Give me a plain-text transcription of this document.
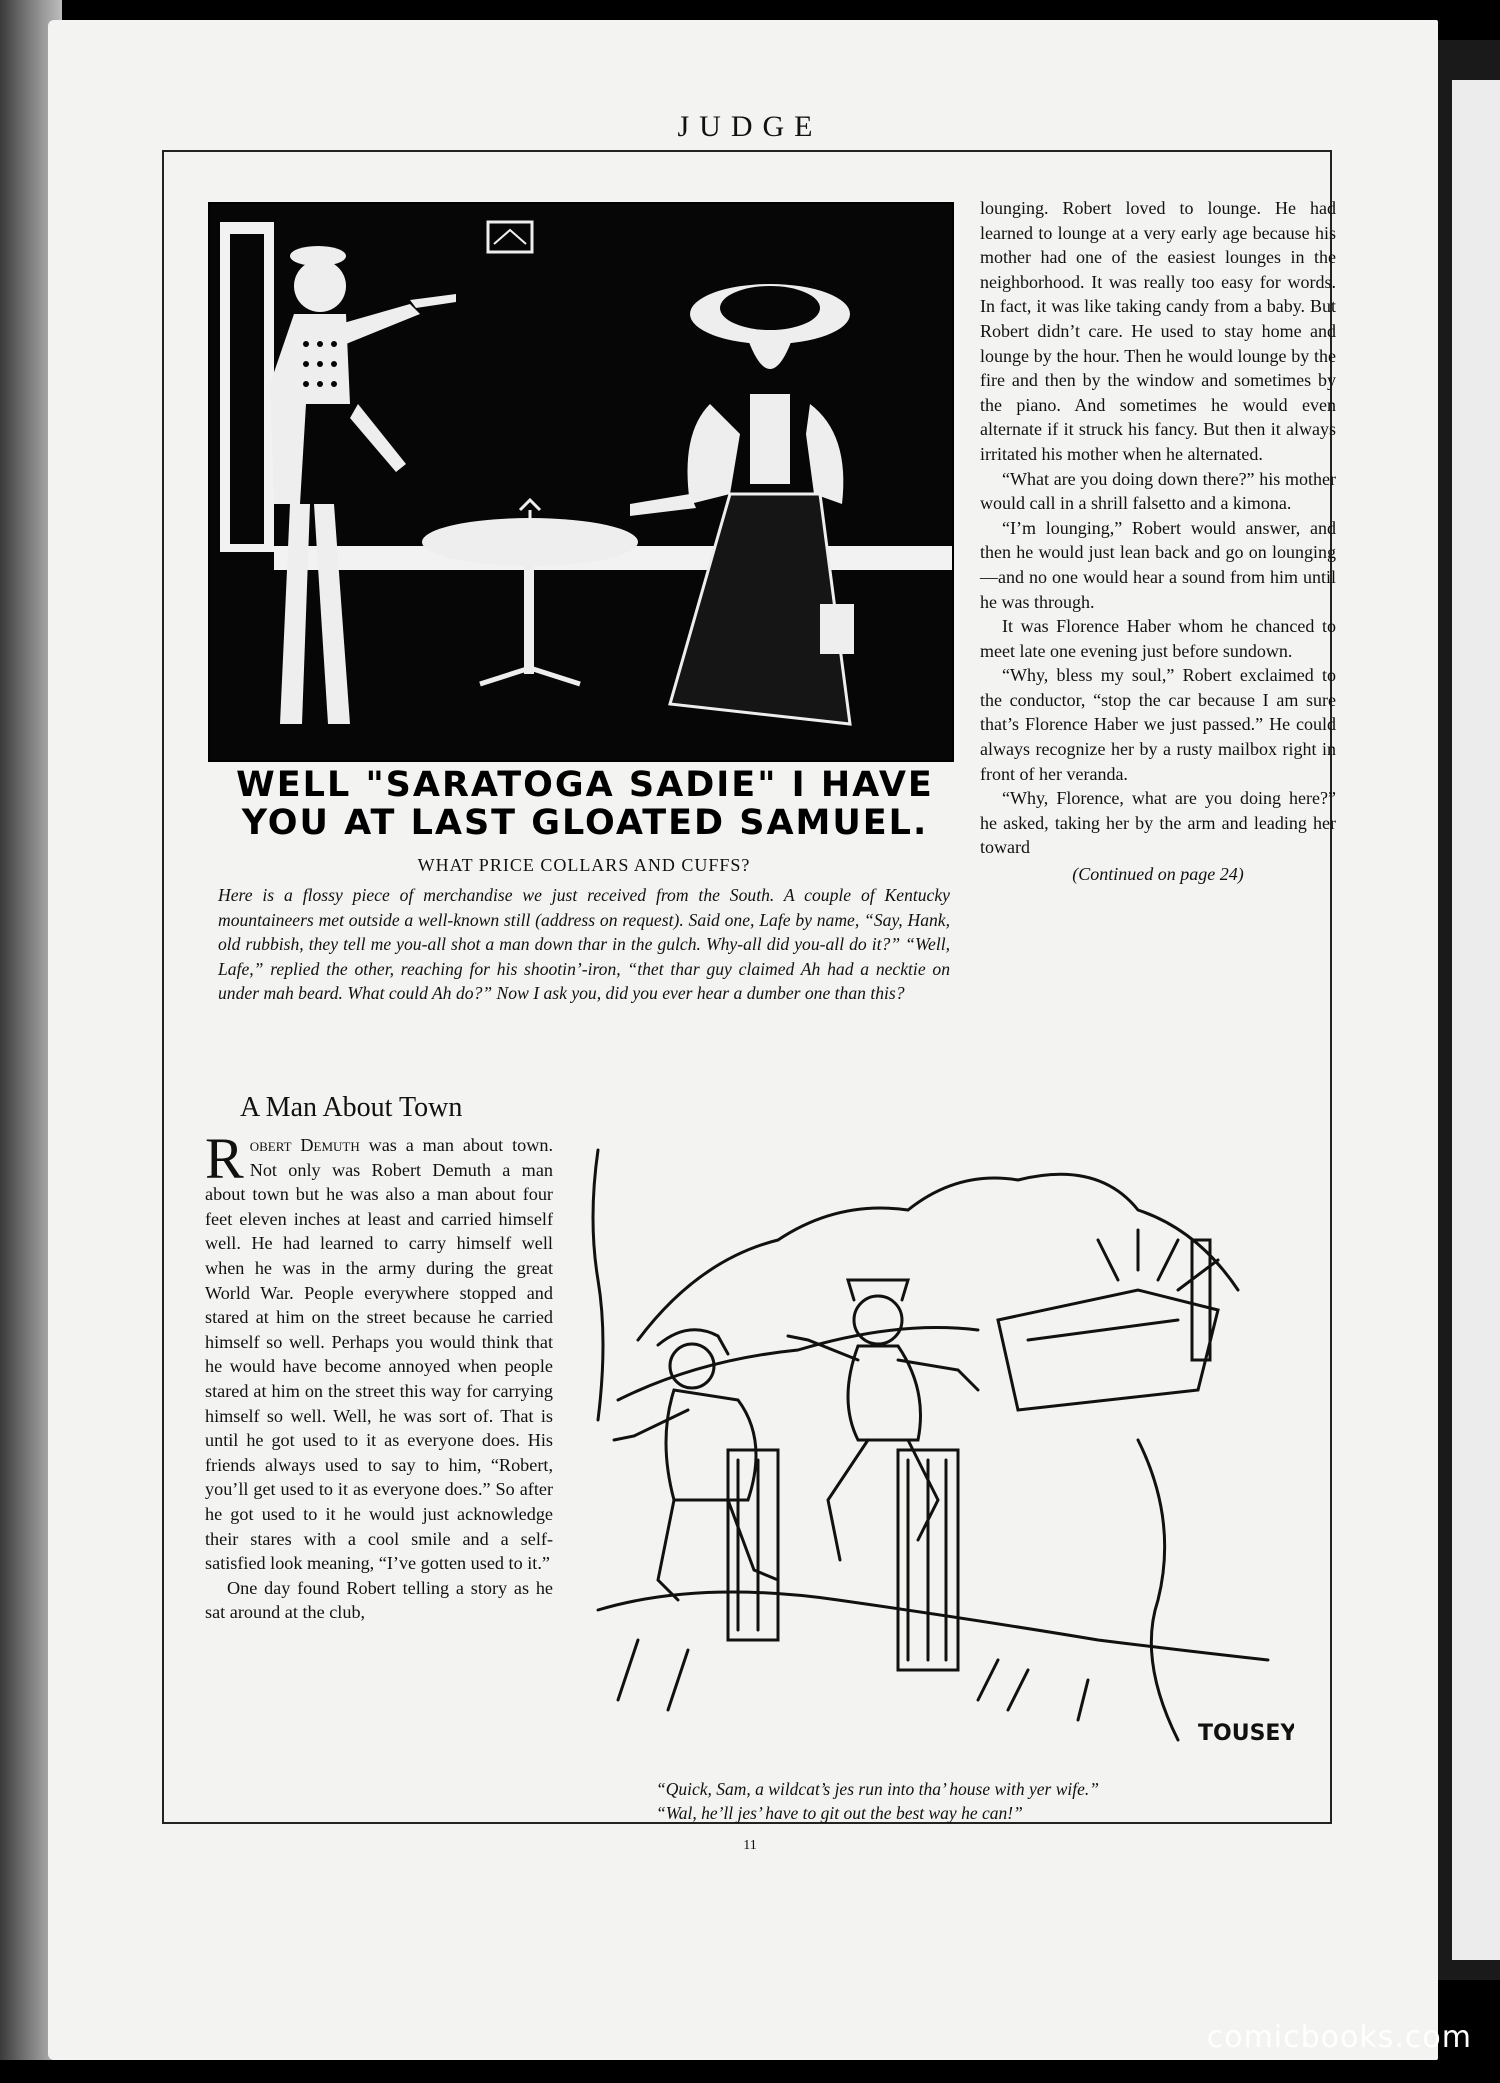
JUDGE
WELL "SARATOGA SADIE" I HAVE
YOU AT LAST GLOATED SAMUEL.
WHAT PRICE COLLARS AND CUFFS?
Here is a flossy piece of merchandise we just received from the South. A couple of Kentucky mountaineers met outside a well-known still (address on request). Said one, Lafe by name, “Say, Hank, old rubbish, they tell me you-all shot a man down thar in the gulch. Why-all did you-all do it?” “Well, Lafe,” replied the other, reaching for his shootin’-iron, “thet thar guy claimed Ah had a necktie on under mah beard. What could Ah do?” Now I ask you, did you ever hear a dumber one than this?

lounging. Robert loved to lounge. He had learned to lounge at a very early age because his mother had one of the easiest lounges in the neighborhood. It was really too easy for words. In fact, it was like taking candy from a baby. But Robert didn’t care. He used to stay home and lounge by the hour. Then he would lounge by the fire and then by the window and sometimes by the piano. And sometimes he would even alternate if it struck his fancy. But then it always irritated his mother when he alternated.

“What are you doing down there?” his mother would call in a shrill falsetto and a kimona.

“I’m lounging,” Robert would answer, and then he would just lean back and go on lounging—and no one would hear a sound from him until he was through.

It was Florence Haber whom he chanced to meet late one evening just before sundown.

“Why, bless my soul,” Robert exclaimed to the conductor, “stop the car because I am sure that’s Florence Haber we just passed.” He could always recognize her by a rusty mailbox right in front of her veranda.

“Why, Florence, what are you doing here?” he asked, taking her by the arm and leading her toward

(Continued on page 24)

A Man About Town

Robert Demuth was a man about town. Not only was Robert Demuth a man about town but he was also a man about four feet eleven inches at least and carried himself well. He had learned to carry himself well when he was in the army during the great World War. People everywhere stopped and stared at him on the street because he carried himself so well. Perhaps you would think that he would have become annoyed when people stared at him on the street this way for carrying himself so well. Well, he was sort of. That is until he got used to it as everyone does. His friends always used to say to him, “Robert, you’ll get used to it as everyone does.” So after he got used to it he would just acknowledge their stares with a cool smile and a self-satisfied look meaning, “I’ve gotten used to it.”

One day found Robert telling a story as he sat around at the club,

TOUSEY
“Quick, Sam, a wildcat’s jes run into tha’ house with yer wife.”
“Wal, he’ll jes’ have to git out the best way he can!”
11
comicbooks.com
